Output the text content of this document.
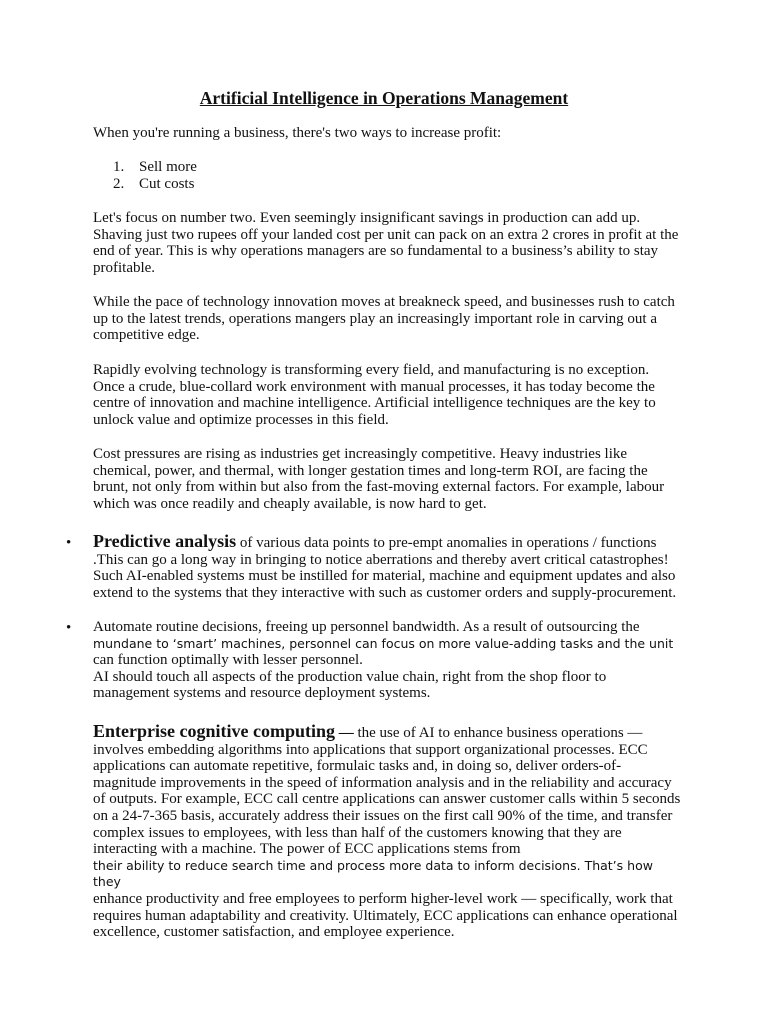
Artificial Intelligence in Operations Management

When you're running a business, there's two ways to increase profit:

1. Sell more
2. Cut costs

Let's focus on number two. Even seemingly insignificant savings in production can add up. Shaving just two rupees off your landed cost per unit can pack on an extra 2 crores in profit at the end of year. This is why operations managers are so fundamental to a business’s ability to stay profitable.

While the pace of technology innovation moves at breakneck speed, and businesses rush to catch up to the latest trends, operations mangers play an increasingly important role in carving out a competitive edge.

Rapidly evolving technology is transforming every field, and manufacturing is no exception. Once a crude, blue-collard work environment with manual processes, it has today become the centre of innovation and machine intelligence. Artificial intelligence techniques are the key to unlock value and optimize processes in this field.

Cost pressures are rising as industries get increasingly competitive. Heavy industries like chemical, power, and thermal, with longer gestation times and long-term ROI, are facing the brunt, not only from within but also from the fast-moving external factors. For example, labour which was once readily and cheaply available, is now hard to get.

• Predictive analysis of various data points to pre-empt anomalies in operations / functions .This can go a long way in bringing to notice aberrations and thereby avert critical catastrophes! Such AI-enabled systems must be instilled for material, machine and equipment updates and also extend to the systems that they interactive with such as customer orders and supply-procurement.

• Automate routine decisions, freeing up personnel bandwidth. As a result of outsourcing the
mundane to ‘smart’ machines, personnel can focus on more value-adding tasks and the unit
can function optimally with lesser personnel.
AI should touch all aspects of the production value chain, right from the shop floor to management systems and resource deployment systems.
Enterprise cognitive computing — the use of AI to enhance business operations — involves embedding algorithms into applications that support organizational processes. ECC applications can automate repetitive, formulaic tasks and, in doing so, deliver orders-of-magnitude improvements in the speed of information analysis and in the reliability and accuracy of outputs. For example, ECC call centre applications can answer customer calls within 5 seconds on a 24-7-365 basis, accurately address their issues on the first call 90% of the time, and transfer complex issues to employees, with less than half of the customers knowing that they are interacting with a machine. The power of ECC applications stems from
their ability to reduce search time and process more data to inform decisions. That’s how they
enhance productivity and free employees to perform higher-level work — specifically, work that requires human adaptability and creativity. Ultimately, ECC applications can enhance operational excellence, customer satisfaction, and employee experience.
